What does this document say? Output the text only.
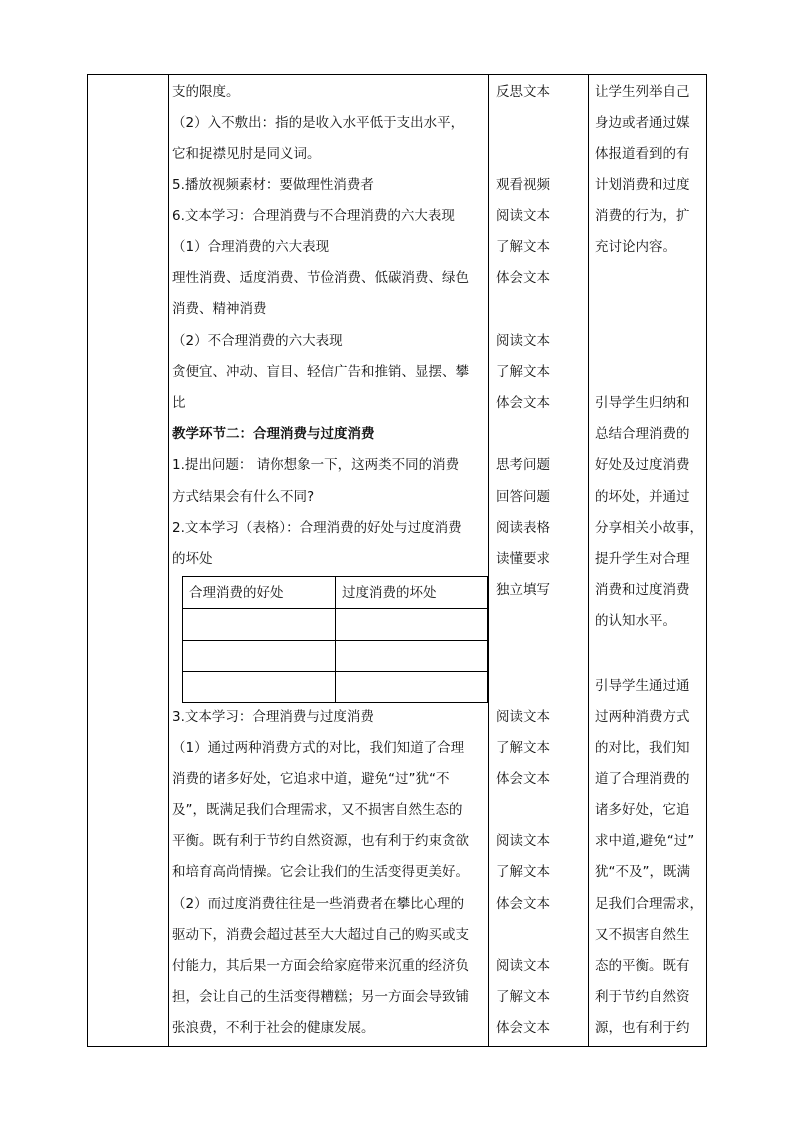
支的限度。
（2）入不敷出：指的是收入水平低于支出水平，
它和捉襟见肘是同义词。
5.播放视频素材：要做理性消费者
6.文本学习：合理消费与不合理消费的六大表现
（1）合理消费的六大表现
理性消费、适度消费、节俭消费、低碳消费、绿色
消费、精神消费
（2）不合理消费的六大表现
贪便宜、冲动、盲目、轻信广告和推销、显摆、攀
比
教学环节二：合理消费与过度消费
1.提出问题： 请你想象一下，这两类不同的消费
方式结果会有什么不同?
2.文本学习（表格）：合理消费的好处与过度消费
的坏处
合理消费的好处	过度消费的坏处
3.文本学习：合理消费与过度消费
（1）通过两种消费方式的对比，我们知道了合理
消费的诸多好处，它追求中道，避免“过”犹“不
及”，既满足我们合理需求，又不损害自然生态的
平衡。既有利于节约自然资源，也有利于约束贪欲
和培育高尚情操。它会让我们的生活变得更美好。
（2）而过度消费往往是一些消费者在攀比心理的
驱动下，消费会超过甚至大大超过自己的购买或支
付能力，其后果一方面会给家庭带来沉重的经济负
担，会让自己的生活变得糟糕；另一方面会导致铺
张浪费，不利于社会的健康发展。
反思文本
观看视频
阅读文本
了解文本
体会文本
阅读文本
了解文本
体会文本
思考问题
回答问题
阅读表格
读懂要求
独立填写
阅读文本
了解文本
体会文本
阅读文本
了解文本
体会文本
阅读文本
了解文本
体会文本
让学生列举自己
身边或者通过媒
体报道看到的有
计划消费和过度
消费的行为，扩
充讨论内容。
引导学生归纳和
总结合理消费的
好处及过度消费
的坏处，并通过
分享相关小故事，
提升学生对合理
消费和过度消费
的认知水平。
引导学生通过通
过两种消费方式
的对比，我们知
道了合理消费的
诸多好处，它追
求中道,避免“过”
犹“不及”，既满
足我们合理需求，
又不损害自然生
态的平衡。既有
利于节约自然资
源，也有利于约
